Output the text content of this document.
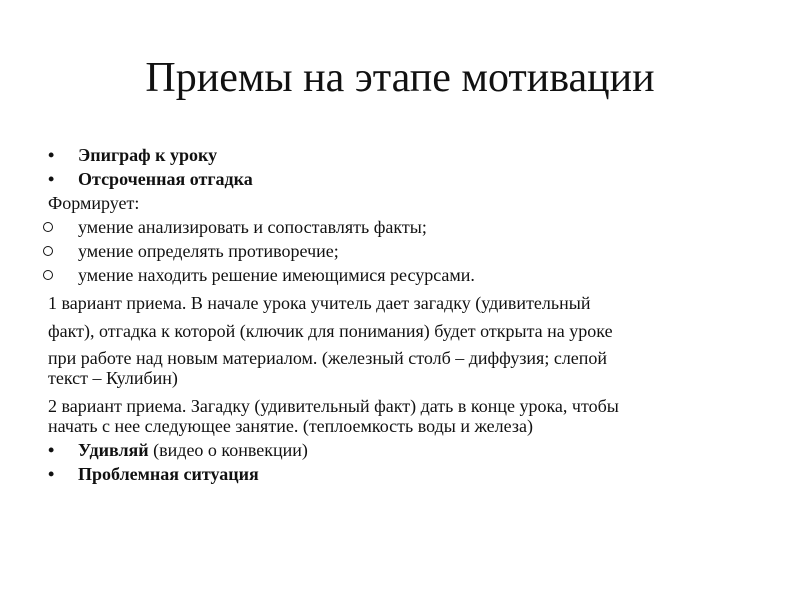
Приемы на этапе мотивации
•	Эпиграф к уроку
•	Отсроченная отгадка
Формирует:
умение анализировать и сопоставлять факты;
умение определять противоречие;
умение находить решение имеющимися ресурсами.
1 вариант приема. В начале урока учитель дает загадку (удивительный
факт), отгадка к которой (ключик для понимания) будет открыта на уроке
при работе над новым материалом. (железный столб – диффузия; слепой
текст – Кулибин)
2 вариант приема. Загадку (удивительный факт) дать в конце урока, чтобы
начать с нее следующее занятие. (теплоемкость воды и железа)
•	Удивляй (видео о конвекции)
•	Проблемная ситуация
